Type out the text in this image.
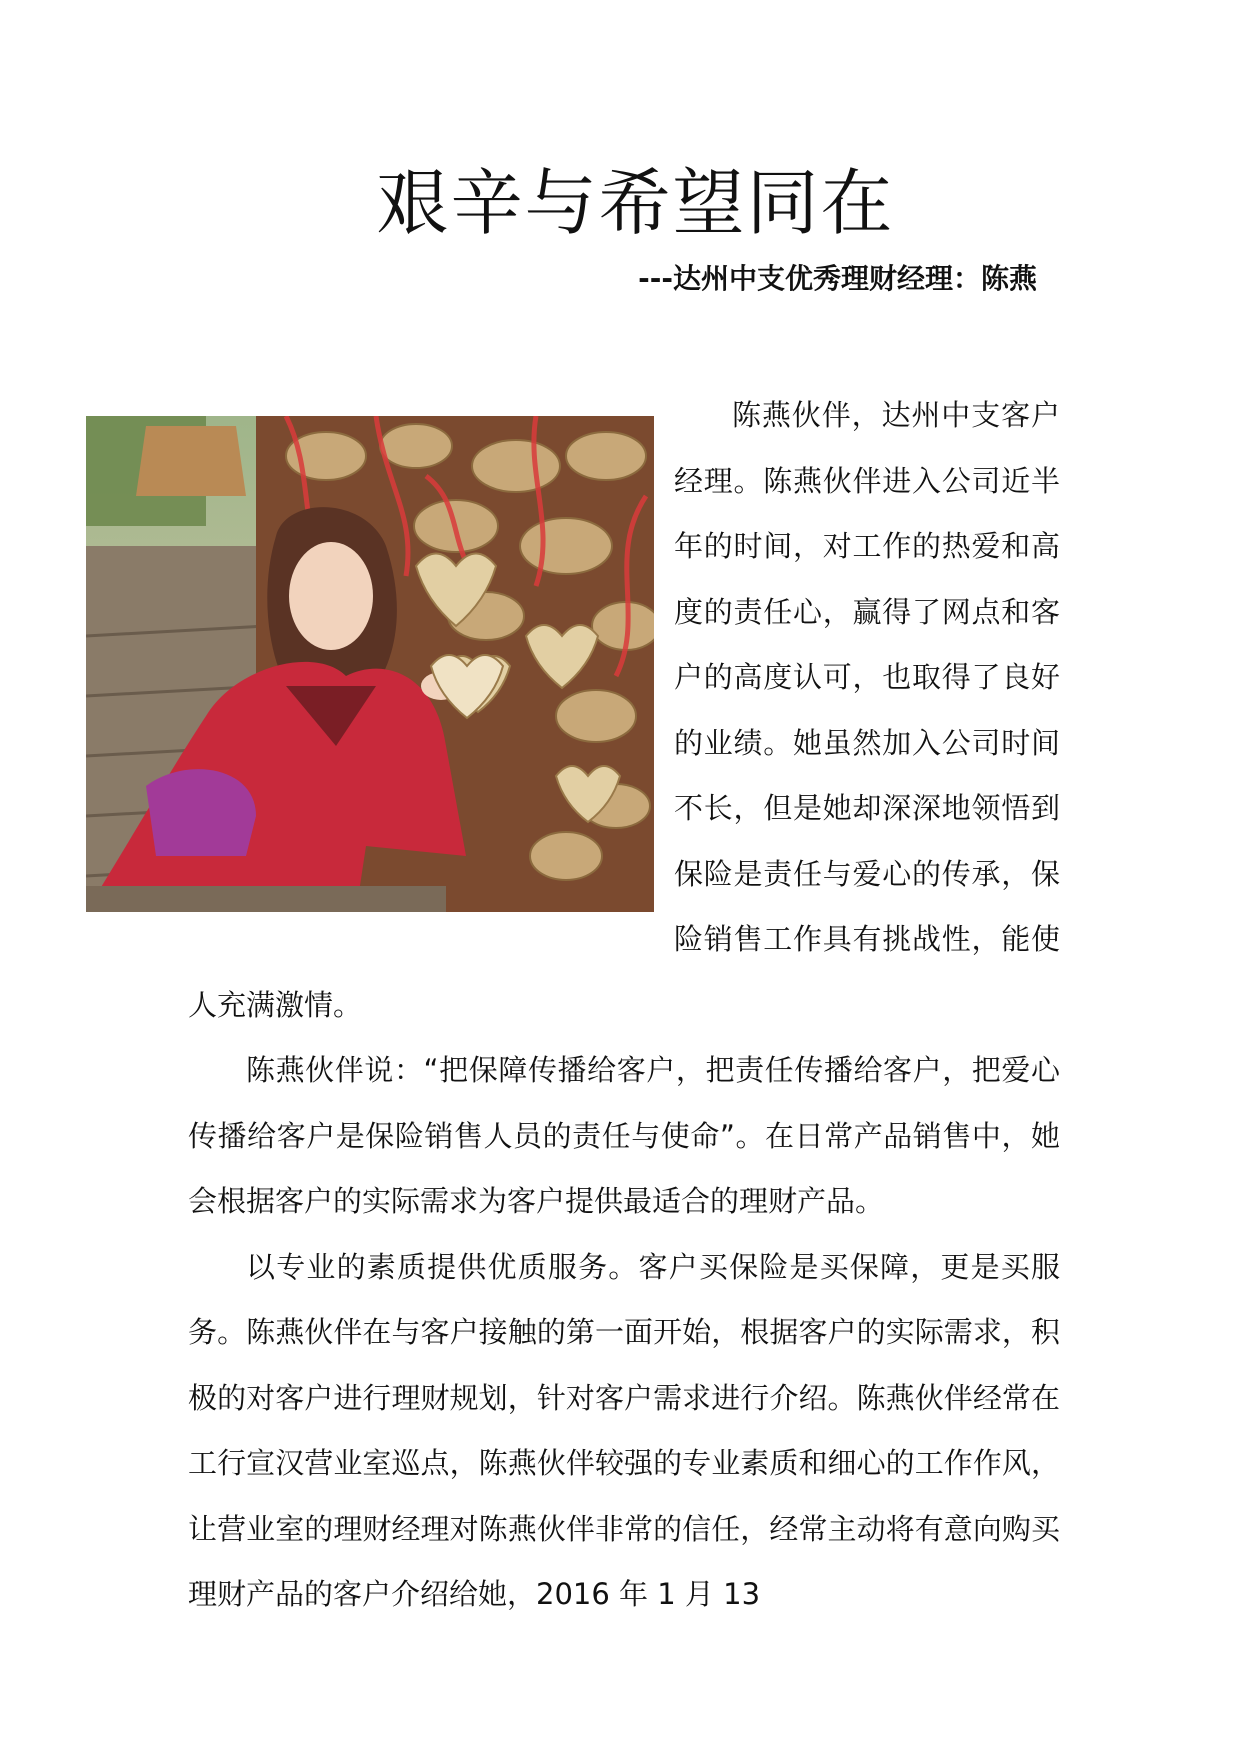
艰辛与希望同在

---达州中支优秀理财经理：陈燕

陈燕伙伴，达州中支客户经理。陈燕伙伴进入公司近半年的时间，对工作的热爱和高度的责任心，赢得了网点和客户的高度认可，也取得了良好的业绩。她虽然加入公司时间不长，但是她却深深地领悟到保险是责任与爱心的传承，保险销售工作具有挑战性，能使人充满激情。

陈燕伙伴说：“把保障传播给客户，把责任传播给客户，把爱心传播给客户是保险销售人员的责任与使命”。在日常产品销售中，她会根据客户的实际需求为客户提供最适合的理财产品。

以专业的素质提供优质服务。客户买保险是买保障，更是买服务。陈燕伙伴在与客户接触的第一面开始，根据客户的实际需求，积极的对客户进行理财规划，针对客户需求进行介绍。陈燕伙伴经常在工行宣汉营业室巡点，陈燕伙伴较强的专业素质和细心的工作作风，让营业室的理财经理对陈燕伙伴非常的信任，经常主动将有意向购买理财产品的客户介绍给她，2016 年 1 月 13
